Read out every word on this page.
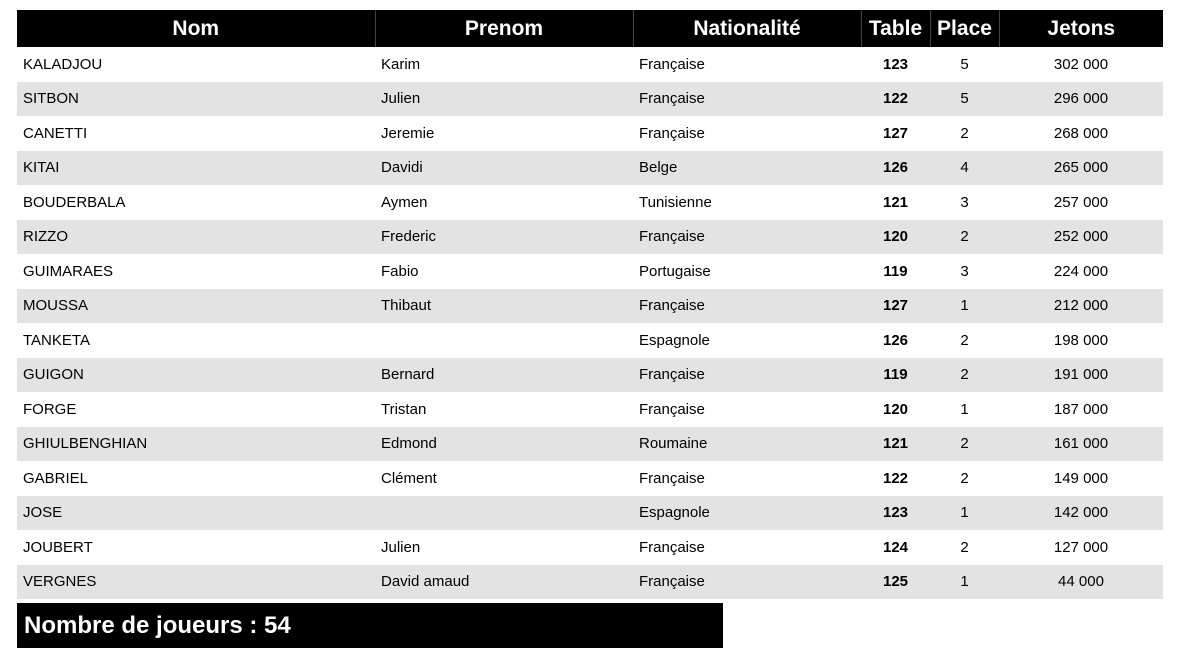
Nom	Prenom	Nationalité	Table	Place	Jetons
KALADJOU	Karim	Française	123	5	302 000
SITBON	Julien	Française	122	5	296 000
CANETTI	Jeremie	Française	127	2	268 000
KITAI	Davidi	Belge	126	4	265 000
BOUDERBALA	Aymen	Tunisienne	121	3	257 000
RIZZO	Frederic	Française	120	2	252 000
GUIMARAES	Fabio	Portugaise	119	3	224 000
MOUSSA	Thibaut	Française	127	1	212 000
TANKETA		Espagnole	126	2	198 000
GUIGON	Bernard	Française	119	2	191 000
FORGE	Tristan	Française	120	1	187 000
GHIULBENGHIAN	Edmond	Roumaine	121	2	161 000
GABRIEL	Clément	Française	122	2	149 000
JOSE		Espagnole	123	1	142 000
JOUBERT	Julien	Française	124	2	127 000
VERGNES	David amaud	Française	125	1	44 000
Nombre de joueurs : 54
